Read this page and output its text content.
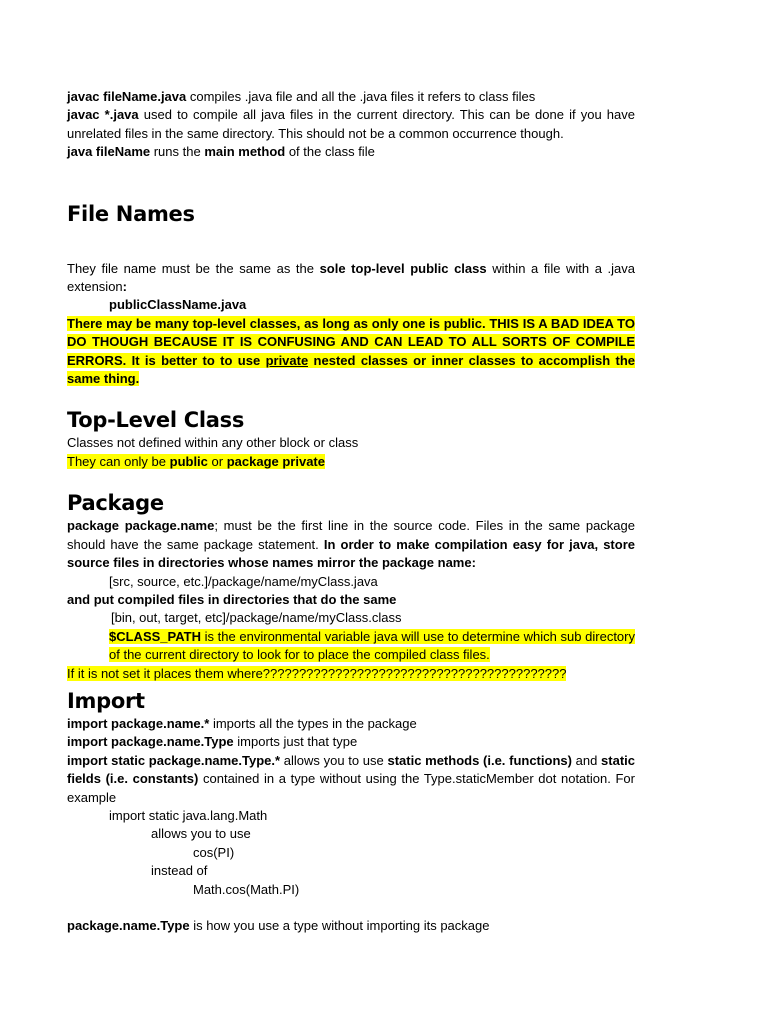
javac fileName.java compiles .java file and all the .java files it refers to class files

javac *.java used to compile all java files in the current directory. This can be done if you have unrelated files in the same directory. This should not be a common occurrence though.

java fileName runs the main method of the class file

File Names

They file name must be the same as the sole top-level public class within a file with a .java extension:

publicClassName.java

There may be many top-level classes, as long as only one is public. THIS IS A BAD IDEA TO DO THOUGH BECAUSE IT IS CONFUSING AND CAN LEAD TO ALL SORTS OF COMPILE ERRORS. It is better to to use private nested classes or inner classes to accomplish the same thing.

Top-Level Class

Classes not defined within any other block or class

They can only be public or package private

Package

package package.name; must be the first line in the source code. Files in the same package should have the same package statement. In order to make compilation easy for java, store source files in directories whose names mirror the package name:

[src, source, etc.]/package/name/myClass.java

and put compiled files in directories that do the same

[bin, out, target, etc]/package/name/myClass.class

$CLASS_PATH is the environmental variable java will use to determine which sub directory of the current directory to look for to place the compiled class files.

If it is not set it places them where??????????????????????????????????????????

Import

import package.name.* imports all the types in the package

import package.name.Type imports just that type

import static package.name.Type.* allows you to use static methods (i.e. functions) and static fields (i.e. constants) contained in a type without using the Type.staticMember dot notation. For example

import static java.lang.Math

allows you to use

cos(PI)

instead of

Math.cos(Math.PI)

package.name.Type is how you use a type without importing its package
